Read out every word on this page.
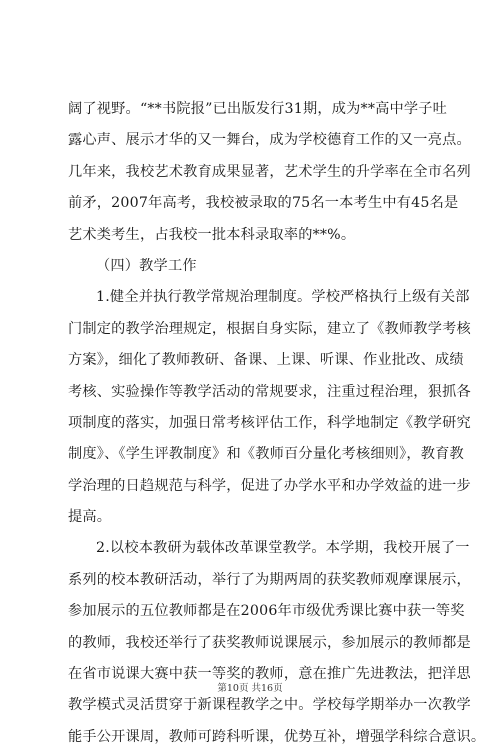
阔了视野。“**书院报”已出版发行31期，成为**高中学子吐
露心声、展示才华的又一舞台，成为学校德育工作的又一亮点。
几年来，我校艺术教育成果显著，艺术学生的升学率在全市名列
前矛，2007年高考，我校被录取的75名一本考生中有45名是
艺术类考生，占我校一批本科录取率的**%。
（四）教学工作
1.健全并执行教学常规治理制度。学校严格执行上级有关部
门制定的教学治理规定，根据自身实际，建立了《教师教学考核
方案》，细化了教师教研、备课、上课、听课、作业批改、成绩
考核、实验操作等教学活动的常规要求，注重过程治理，狠抓各
项制度的落实，加强日常考核评估工作，科学地制定《教学研究
制度》、《学生评教制度》和《教师百分量化考核细则》，教育教
学治理的日趋规范与科学，促进了办学水平和办学效益的进一步
提高。
2.以校本教研为载体改革课堂教学。本学期，我校开展了一
系列的校本教研活动，举行了为期两周的获奖教师观摩课展示，
参加展示的五位教师都是在2006年市级优秀课比赛中获一等奖
的教师，我校还举行了获奖教师说课展示，参加展示的教师都是
在省市说课大赛中获一等奖的教师，意在推广先进教法，把洋思
教学模式灵活贯穿于新课程教学之中。学校每学期举办一次教学
能手公开课周，教师可跨科听课，优势互补，增强学科综合意识。
第10页 共16页
